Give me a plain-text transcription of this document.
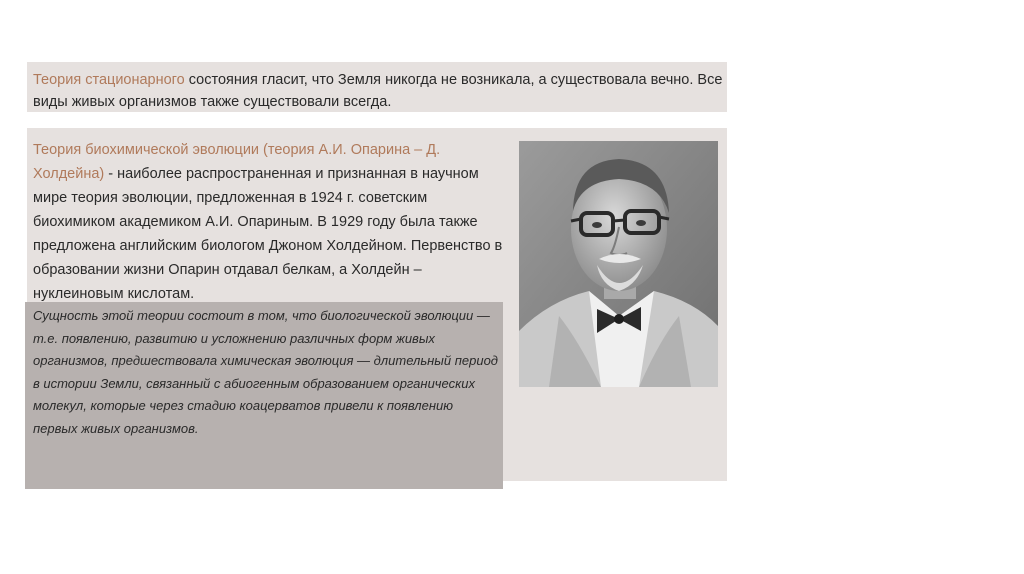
Теория стационарного состояния гласит, что Земля никогда не возникала, а существовала вечно. Все виды живых организмов также существовали всегда.

Теория биохимической эволюции (теория А.И. Опарина – Д. Холдейна) - наиболее распространенная и признанная в научном мире теория эволюции, предложенная в 1924 г. советским биохимиком академиком А.И. Опариным. В 1929 году была также предложена английским биологом Джоном Холдейном. Первенство в образовании жизни Опарин отдавал белкам, а Холдейн – нуклеиновым кислотам.

Сущность этой теории состоит в том, что биологической эволюции — т.е. появлению, развитию и усложнению различных форм живых организмов, предшествовала химическая эволюция — длительный период в истории Земли, связанный с абиогенным образованием органических молекул, которые через стадию коацерватов привели к появлению первых живых организмов.
